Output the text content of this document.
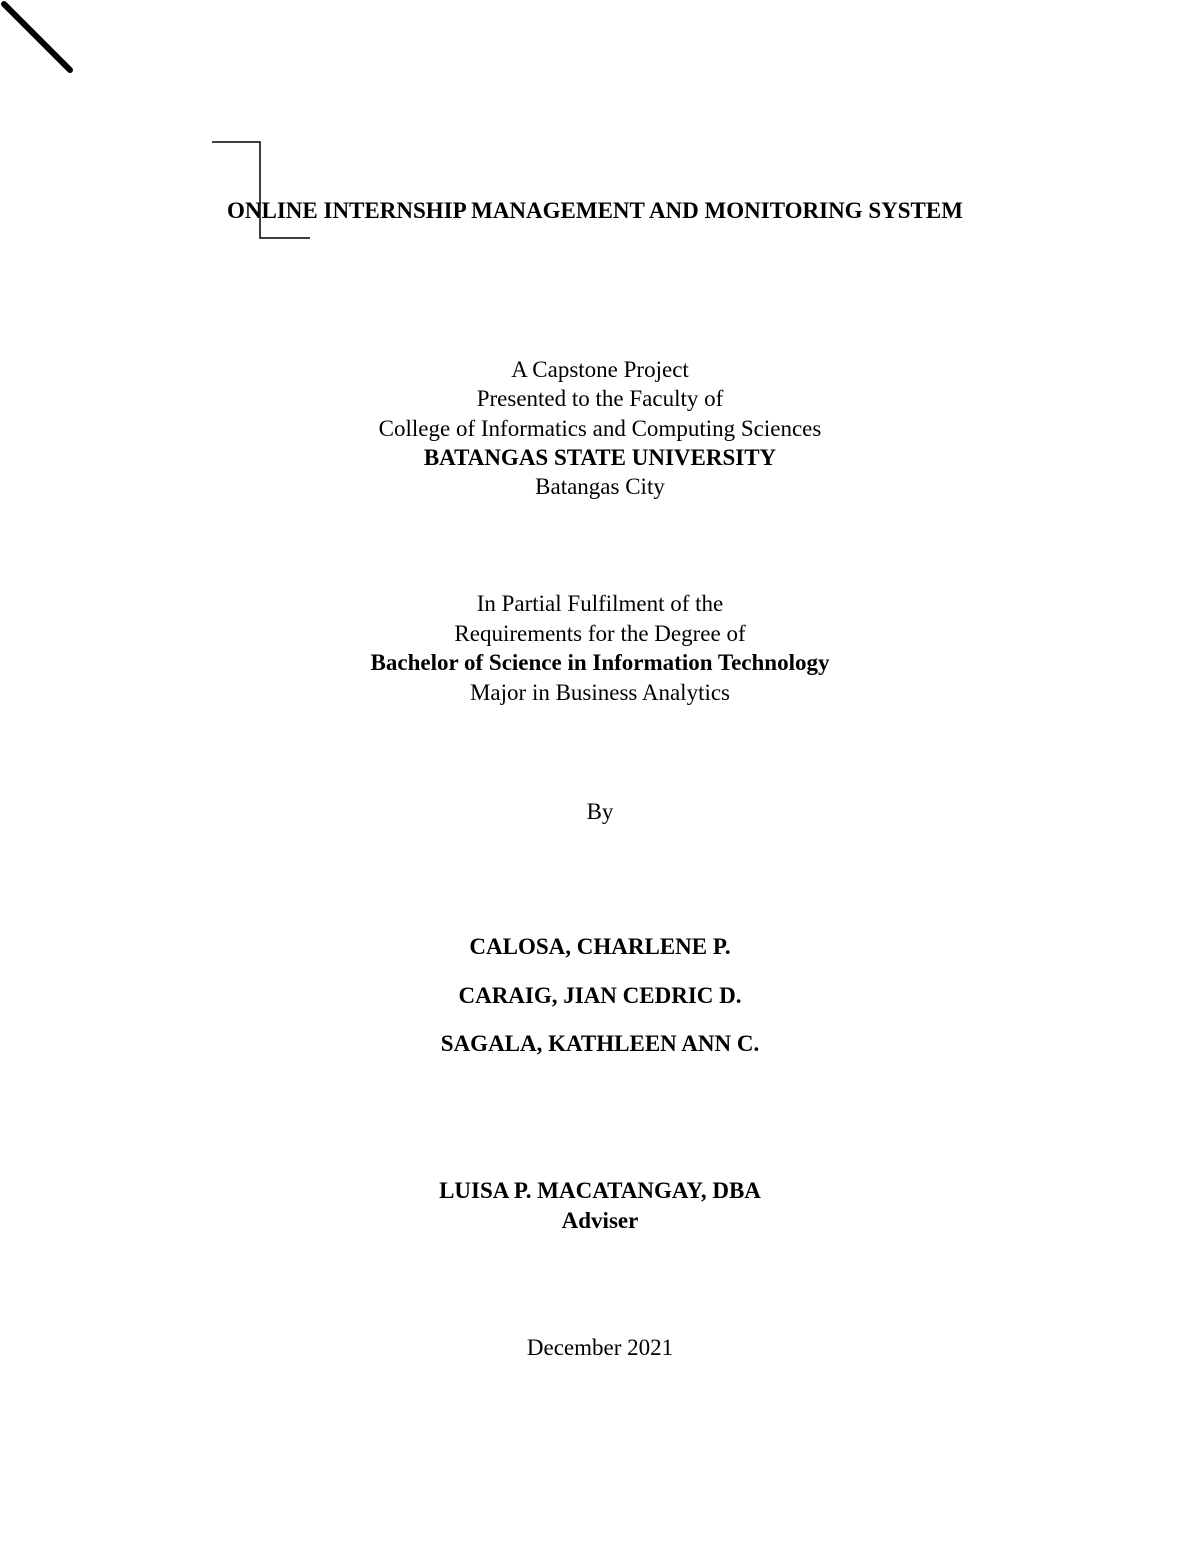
ONLINE INTERNSHIP MANAGEMENT AND MONITORING SYSTEM
A Capstone Project
Presented to the Faculty of
College of Informatics and Computing Sciences
BATANGAS STATE UNIVERSITY
Batangas City
In Partial Fulfilment of the
Requirements for the Degree of
Bachelor of Science in Information Technology
Major in Business Analytics
By
CALOSA, CHARLENE P.
CARAIG, JIAN CEDRIC D.
SAGALA, KATHLEEN ANN C.
LUISA P. MACATANGAY, DBA
Adviser
December 2021
